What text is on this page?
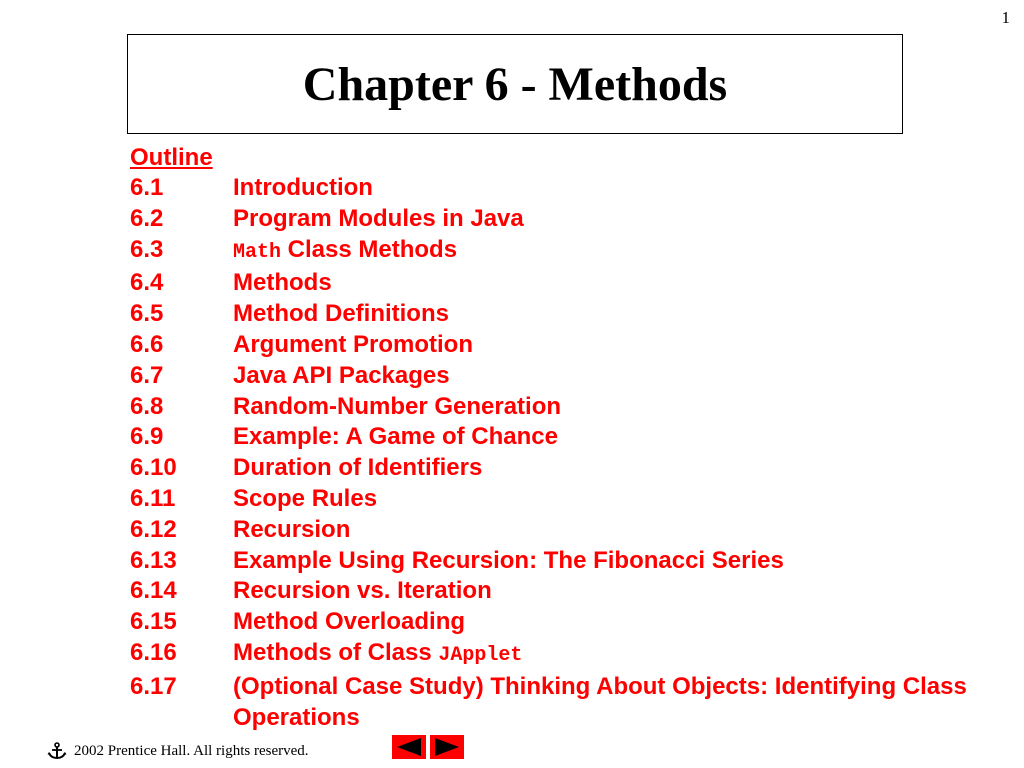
1
Chapter 6 - Methods
Outline
6.1	Introduction
6.2	Program Modules in Java
6.3	Math Class Methods
6.4	Methods
6.5	Method Definitions
6.6	Argument Promotion
6.7	Java API Packages
6.8	Random-Number Generation
6.9	Example: A Game of Chance
6.10	Duration of Identifiers
6.11	Scope Rules
6.12	Recursion
6.13	Example Using Recursion: The Fibonacci Series
6.14	Recursion vs. Iteration
6.15	Method Overloading
6.16	Methods of Class JApplet
6.17	(Optional Case Study) Thinking About Objects: Identifying Class Operations
2002 Prentice Hall. All rights reserved.
